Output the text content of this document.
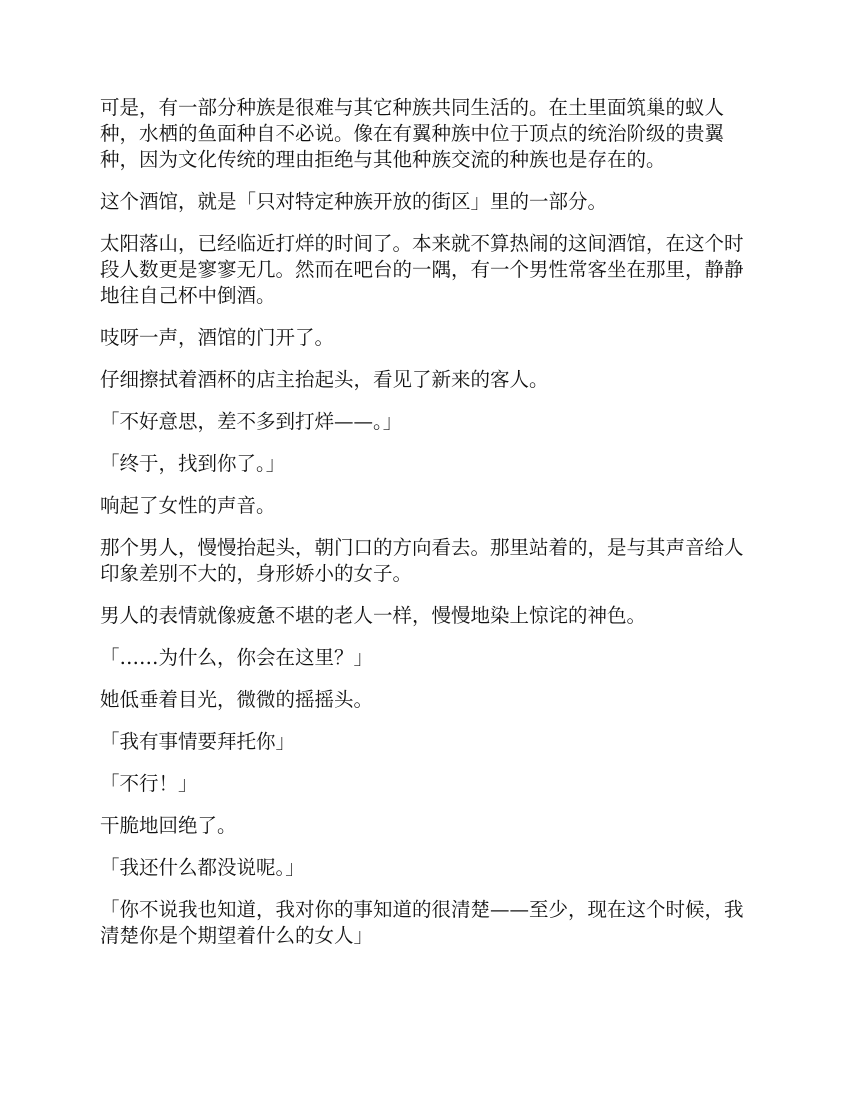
可是，有一部分种族是很难与其它种族共同生活的。在土里面筑巢的蚁人种，水栖的鱼面种自不必说。像在有翼种族中位于顶点的统治阶级的贵翼种，因为文化传统的理由拒绝与其他种族交流的种族也是存在的。

这个酒馆，就是「只对特定种族开放的街区」里的一部分。

太阳落山，已经临近打烊的时间了。本来就不算热闹的这间酒馆，在这个时段人数更是寥寥无几。然而在吧台的一隅，有一个男性常客坐在那里，静静地往自己杯中倒酒。

吱呀一声，酒馆的门开了。

仔细擦拭着酒杯的店主抬起头，看见了新来的客人。

「不好意思，差不多到打烊——。」

「终于，找到你了。」

响起了女性的声音。

那个男人，慢慢抬起头，朝门口的方向看去。那里站着的，是与其声音给人印象差别不大的，身形娇小的女子。

男人的表情就像疲惫不堪的老人一样，慢慢地染上惊诧的神色。

「……为什么，你会在这里？」

她低垂着目光，微微的摇摇头。

「我有事情要拜托你」

「不行！」

干脆地回绝了。

「我还什么都没说呢。」

「你不说我也知道，我对你的事知道的很清楚——至少，现在这个时候，我清楚你是个期望着什么的女人」
